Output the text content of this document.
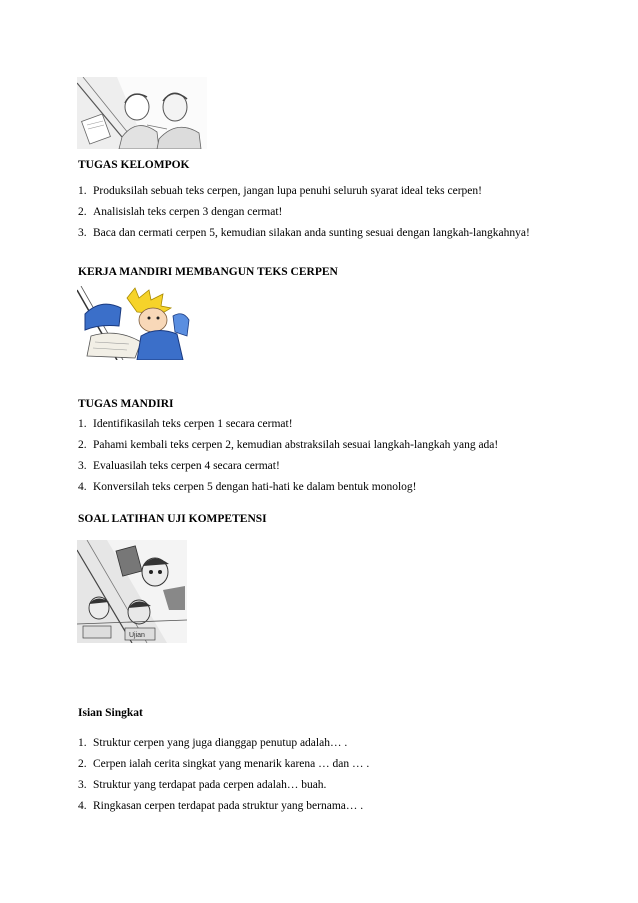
TUGAS KELOMPOK
1. Produksilah sebuah teks cerpen, jangan lupa penuhi seluruh syarat ideal teks cerpen!
2. Analisislah teks cerpen 3 dengan cermat!
3. Baca dan cermati cerpen 5, kemudian silakan anda sunting sesuai dengan langkah-langkahnya!
KERJA MANDIRI MEMBANGUN TEKS CERPEN
TUGAS MANDIRI
1. Identifikasilah teks cerpen 1 secara cermat!
2. Pahami kembali teks cerpen 2, kemudian abstraksilah sesuai langkah-langkah yang ada!
3. Evaluasilah teks cerpen 4 secara cermat!
4. Konversilah teks cerpen 5 dengan hati-hati ke dalam bentuk monolog!
SOAL LATIHAN UJI KOMPETENSI
Ujian
Isian Singkat
1. Struktur cerpen yang juga dianggap penutup adalah… .
2. Cerpen ialah cerita singkat yang menarik karena … dan … .
3. Struktur yang terdapat pada cerpen adalah… buah.
4. Ringkasan cerpen terdapat pada struktur yang bernama… .
